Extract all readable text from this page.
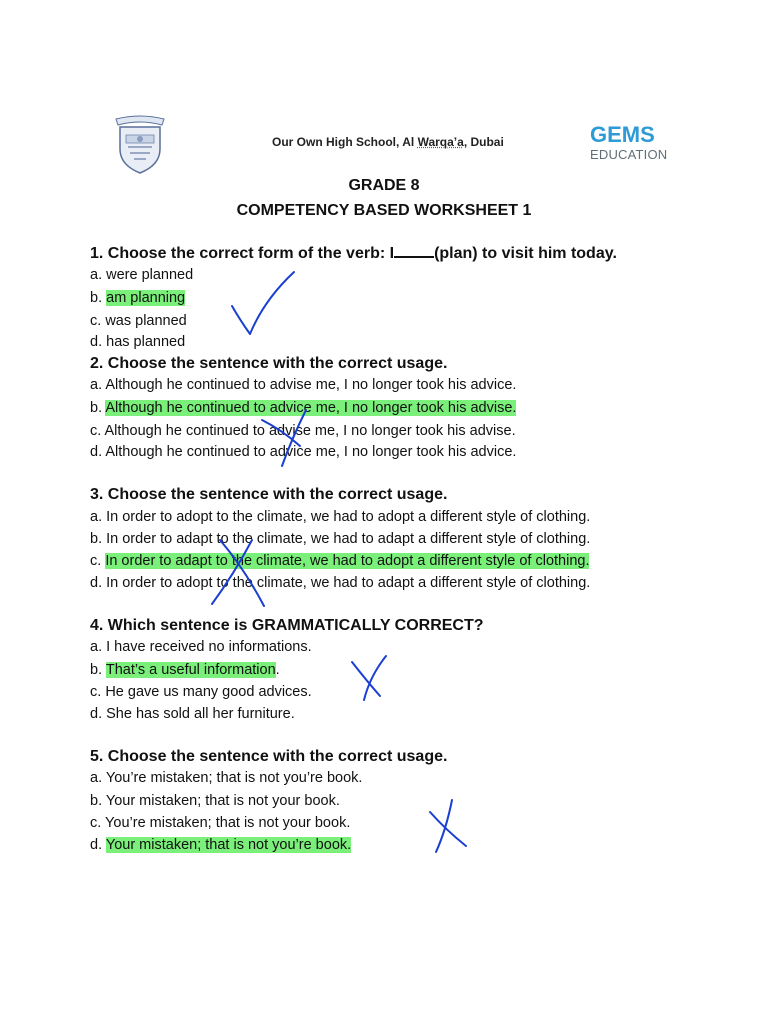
Our Own High School, Al Warqa’a, Dubai	GEMS
EDUCATION
GRADE 8
COMPETENCY BASED WORKSHEET 1
1. Choose the correct form of the verb: I	(plan) to visit him today.
a. were planned
b. am planning
c. was planned
d. has planned
2. Choose the sentence with the correct usage.
a. Although he continued to advise me, I no longer took his advice.
b. Although he continued to advice me, I no longer took his advise.
c. Although he continued to advise me, I no longer took his advise.
d. Although he continued to advice me, I no longer took his advice.
3. Choose the sentence with the correct usage.
a. In order to adopt to the climate, we had to adopt a different style of clothing.
b. In order to adapt to the climate, we had to adapt a different style of clothing.
c. In order to adapt to the climate, we had to adopt a different style of clothing.
d. In order to adopt to the climate, we had to adapt a different style of clothing.
4. Which sentence is GRAMMATICALLY CORRECT?
a. I have received no informations.
b. That’s a useful information.
c. He gave us many good advices.
d. She has sold all her furniture.
5. Choose the sentence with the correct usage.
a. You’re mistaken; that is not you’re book.
b. Your mistaken; that is not your book.
c. You’re mistaken; that is not your book.
d. Your mistaken; that is not you’re book.
